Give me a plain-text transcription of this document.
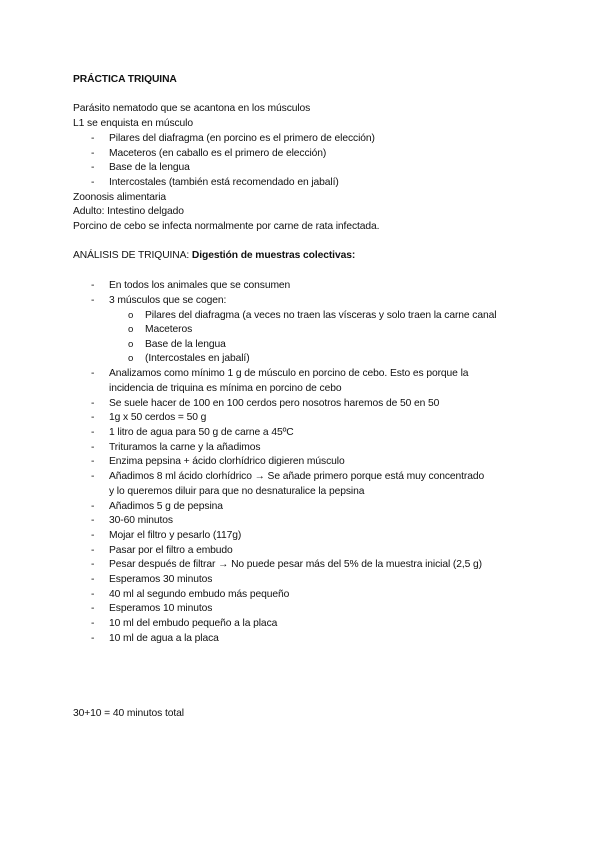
PRÁCTICA TRIQUINA
Parásito nematodo que se acantona en los músculos
L1 se enquista en músculo
- Pilares del diafragma (en porcino es el primero de elección)
- Maceteros (en caballo es el primero de elección)
- Base de la lengua
- Intercostales (también está recomendado en jabalí)
Zoonosis alimentaria
Adulto: Intestino delgado
Porcino de cebo se infecta normalmente por carne de rata infectada.
ANÁLISIS DE TRIQUINA: Digestión de muestras colectivas:
- En todos los animales que se consumen
- 3 músculos que se cogen:
o Pilares del diafragma (a veces no traen las vísceras y solo traen la carne canal
o Maceteros
o Base de la lengua
o (Intercostales en jabalí)
- Analizamos como mínimo 1 g de músculo en porcino de cebo. Esto es porque la
incidencia de triquina es mínima en porcino de cebo
- Se suele hacer de 100 en 100 cerdos pero nosotros haremos de 50 en 50
- 1g x 50 cerdos = 50 g
- 1 litro de agua para 50 g de carne a 45ºC
- Trituramos la carne y la añadimos
- Enzima pepsina + ácido clorhídrico digieren músculo
- Añadimos 8 ml ácido clorhídrico → Se añade primero porque está muy concentrado
y lo queremos diluir para que no desnaturalice la pepsina
- Añadimos 5 g de pepsina
- 30-60 minutos
- Mojar el filtro y pesarlo (117g)
- Pasar por el filtro a embudo
- Pesar después de filtrar → No puede pesar más del 5% de la muestra inicial (2,5 g)
- Esperamos 30 minutos
- 40 ml al segundo embudo más pequeño
- Esperamos 10 minutos
- 10 ml del embudo pequeño a la placa
- 10 ml de agua a la placa
30+10 = 40 minutos total
